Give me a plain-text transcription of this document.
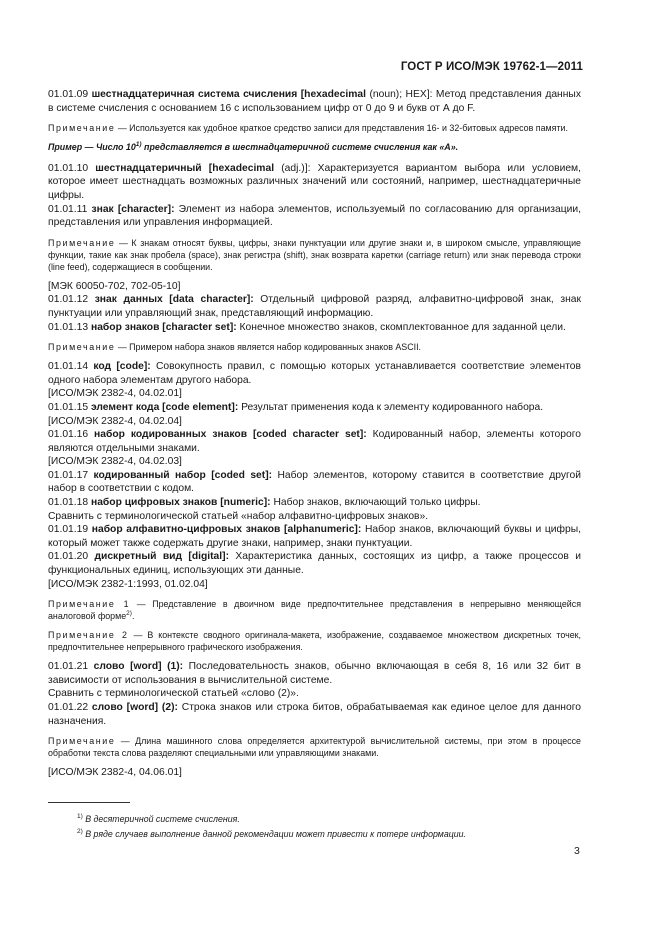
ГОСТ Р ИСО/МЭК 19762-1—2011

01.01.09 шестнадцатеричная система счисления [hexadecimal (noun); HEX]: Метод представления данных в системе счисления с основанием 16 с использованием цифр от 0 до 9 и букв от А до F.

Примечание — Используется как удобное краткое средство записи для представления 16- и 32-битовых адресов памяти.

Пример — Число 10$^{1)}$ представляется в шестнадцатеричной системе счисления как «А».

01.01.10 шестнадцатеричный [hexadecimal (adj.)]: Характеризуется вариантом выбора или условием, которое имеет шестнадцать возможных различных значений или состояний, например, шестнадцатеричные цифры.

01.01.11 знак [character]: Элемент из набора элементов, используемый по согласованию для организации, представления или управления информацией.

Примечание — К знакам относят буквы, цифры, знаки пунктуации или другие знаки и, в широком смысле, управляющие функции, такие как знак пробела (space), знак регистра (shift), знак возврата каретки (carriage return) или знак перевода строки (line feed), содержащиеся в сообщении.

[МЭК 60050-702, 702-05-10]

01.01.12 знак данных [data character]: Отдельный цифровой разряд, алфавитно-цифровой знак, знак пунктуации или управляющий знак, представляющий информацию.

01.01.13 набор знаков [character set]: Конечное множество знаков, скомплектованное для заданной цели.

Примечание — Примером набора знаков является набор кодированных знаков ASCII.

01.01.14 код [code]: Совокупность правил, с помощью которых устанавливается соответствие элементов одного набора элементам другого набора.

[ИСО/МЭК 2382-4, 04.02.01]

01.01.15 элемент кода [code element]: Результат применения кода к элементу кодированного набора.

[ИСО/МЭК 2382-4, 04.02.04]

01.01.16 набор кодированных знаков [coded character set]: Кодированный набор, элементы которого являются отдельными знаками.

[ИСО/МЭК 2382-4, 04.02.03]

01.01.17 кодированный набор [coded set]: Набор элементов, которому ставится в соответствие другой набор в соответствии с кодом.

01.01.18 набор цифровых знаков [numeric]: Набор знаков, включающий только цифры.

Сравнить с терминологической статьей «набор алфавитно-цифровых знаков».

01.01.19 набор алфавитно-цифровых знаков [alphanumeric]: Набор знаков, включающий буквы и цифры, который может также содержать другие знаки, например, знаки пунктуации.

01.01.20 дискретный вид [digital]: Характеристика данных, состоящих из цифр, а также процессов и функциональных единиц, использующих эти данные.

[ИСО/МЭК 2382-1:1993, 01.02.04]

Примечание 1 — Представление в двоичном виде предпочтительнее представления в непрерывно меняющейся аналоговой форме$^{2)}$.

Примечание 2 — В контексте сводного оригинала-макета, изображение, создаваемое множеством дискретных точек, предпочтительнее непрерывного графического изображения.

01.01.21 слово [word] (1): Последовательность знаков, обычно включающая в себя 8, 16 или 32 бит в зависимости от использования в вычислительной системе.

Сравнить с терминологической статьей «слово (2)».

01.01.22 слово [word] (2): Строка знаков или строка битов, обрабатываемая как единое целое для данного назначения.

Примечание — Длина машинного слова определяется архитектурой вычислительной системы, при этом в процессе обработки текста слова разделяют специальными или управляющими знаками.

[ИСО/МЭК 2382-4, 04.06.01]

$^{1)}$ В десятеричной системе счисления.

$^{2)}$ В ряде случаев выполнение данной рекомендации может привести к потере информации.

3
